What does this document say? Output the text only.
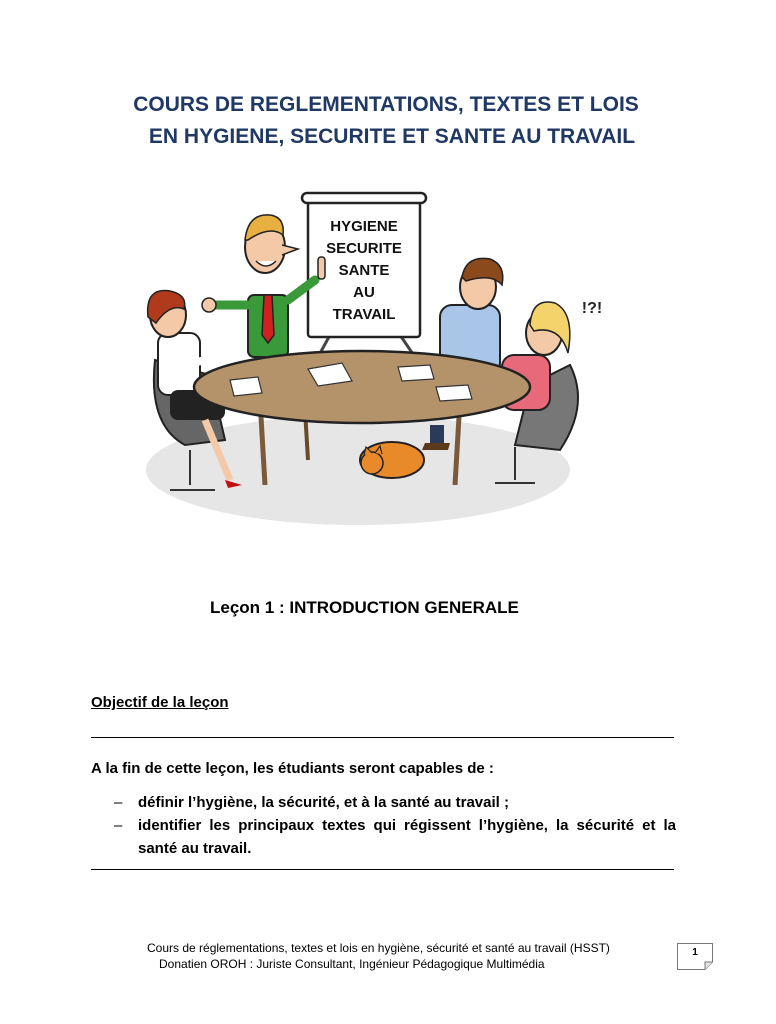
COURS DE REGLEMENTATIONS, TEXTES ET LOIS
EN HYGIENE, SECURITE ET SANTE AU TRAVAIL
HYGIENE
SECURITE
SANTE
AU
TRAVAIL	!?!
Leçon 1 : INTRODUCTION GENERALE
Objectif de la leçon
A la fin de cette leçon, les étudiants seront capables de :
– définir l’hygiène, la sécurité, et à la santé au travail ;
– identifier les principaux textes qui régissent l’hygiène, la sécurité et la santé au travail.
Cours de réglementations, textes et lois en hygiène, sécurité et santé au travail (HSST)
Donatien OROH : Juriste Consultant, Ingénieur Pédagogique Multimédia
1
